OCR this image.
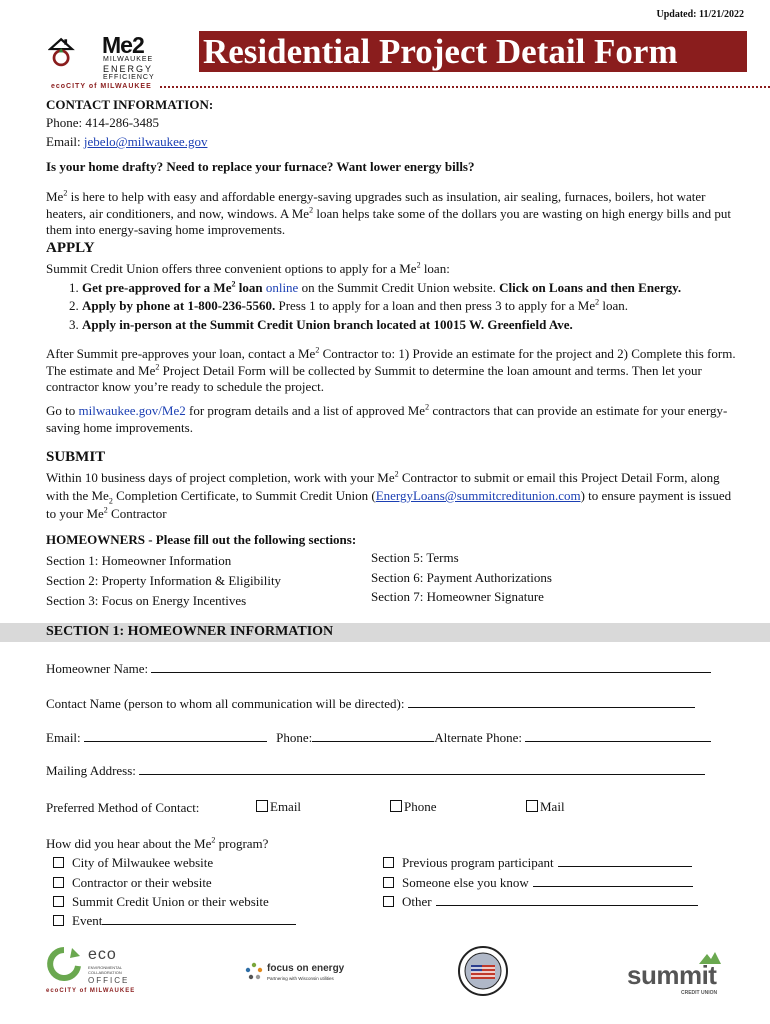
Updated: 11/21/2022
Me2
MILWAUKEE
ENERGY
EFFICIENCY
ecoCITY of MILWAUKEE
Residential Project Detail Form
CONTACT INFORMATION:
Phone: 414-286-3485
Email: jebelo@milwaukee.gov
Is your home drafty? Need to replace your furnace? Want lower energy bills?
Me$^2$ is here to help with easy and affordable energy-saving upgrades such as insulation, air sealing, furnaces, boilers, hot water heaters, air conditioners, and now, windows. A Me$^2$ loan helps take some of the dollars you are wasting on high energy bills and put them into energy-saving home improvements.
APPLY
Summit Credit Union offers three convenient options to apply for a Me$^2$ loan:
1. Get pre-approved for a Me$^2$ loan online on the Summit Credit Union website. Click on Loans and then Energy.
2. Apply by phone at 1-800-236-5560. Press 1 to apply for a loan and then press 3 to apply for a Me$^2$ loan.
3. Apply in-person at the Summit Credit Union branch located at 10015 W. Greenfield Ave.
After Summit pre-approves your loan, contact a Me$^2$ Contractor to: 1) Provide an estimate for the project and 2) Complete this form. The estimate and Me$^2$ Project Detail Form will be collected by Summit to determine the loan amount and terms. Then let your contractor know you’re ready to schedule the project.
Go to milwaukee.gov/Me2 for program details and a list of approved Me$^2$ contractors that can provide an estimate for your energy-saving home improvements.
SUBMIT
Within 10 business days of project completion, work with your Me$^2$ Contractor to submit or email this Project Detail Form, along with the $Me_2$ Completion Certificate, to Summit Credit Union (EnergyLoans@summitcreditunion.com) to ensure payment is issued to your Me$^2$ Contractor
HOMEOWNERS - Please fill out the following sections:
Section 1: Homeowner Information
Section 2: Property Information & Eligibility
Section 3: Focus on Energy Incentives
Section 5: Terms
Section 6: Payment Authorizations
Section 7: Homeowner Signature
SECTION 1: HOMEOWNER INFORMATION
Homeowner Name:
Contact Name (person to whom all communication will be directed):
Email:	Phone:	Alternate Phone:
Mailing Address:
Preferred Method of Contact:	Email	Phone	Mail
How did you hear about the Me$^2$ program?
City of Milwaukee website
Contractor or their website
Summit Credit Union or their website
Event
Previous program participant
Someone else you know
Other
eco
ENVIRONMENTAL
COLLABORATION
OFFICE
ecoCITY of MILWAUKEE
focus on energy
Partnering with Wisconsin utilities	summit
CREDIT UNION
